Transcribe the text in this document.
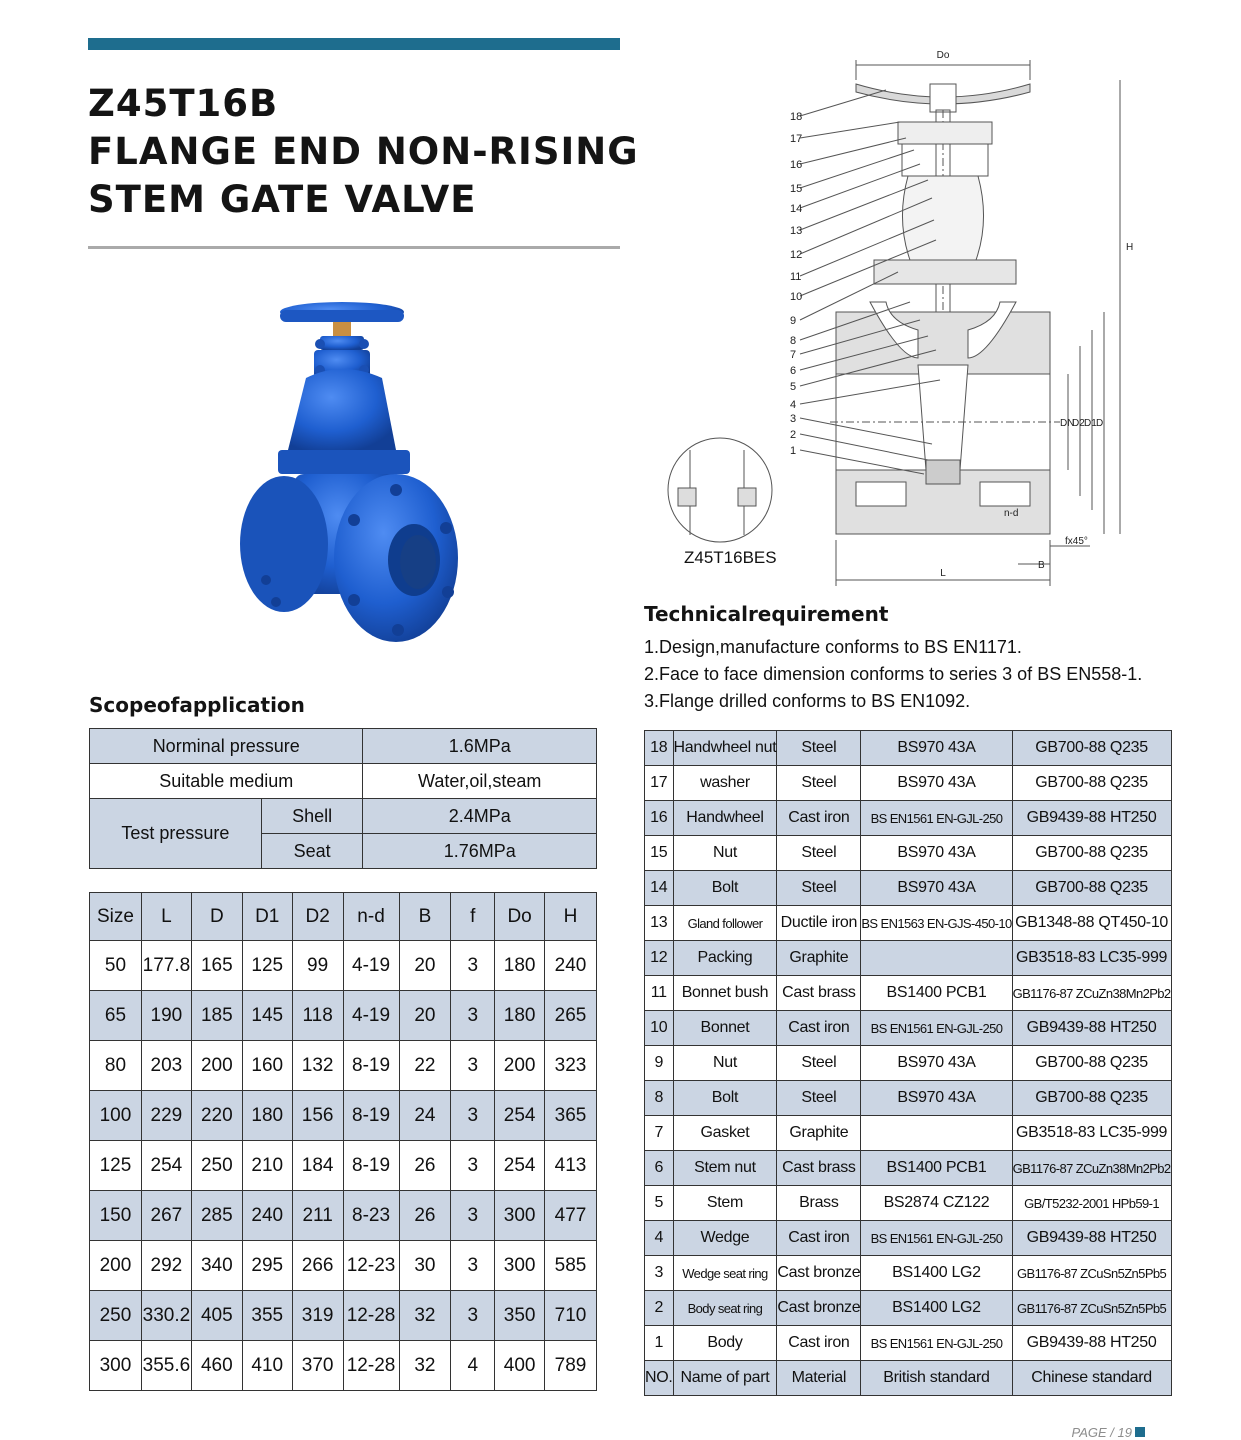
Z45T16B
FLANGE END NON-RISING
STEM GATE VALVE
Scopeofapplication
Norminal pressure		1.6MPa
Suitable medium		Water,oil,steam
Test pressure	Shell	2.4MPa
	Seat	1.76MPa
Size	L	D	D1	D2	n-d	B	f	Do	H
50	177.8	165	125	99	4-19	20	3	180	240
65	190	185	145	118	4-19	20	3	180	265
80	203	200	160	132	8-19	22	3	200	323
100	229	220	180	156	8-19	24	3	254	365
125	254	250	210	184	8-19	26	3	254	413
150	267	285	240	211	8-23	26	3	300	477
200	292	340	295	266	12-23	30	3	300	585
250	330.2	405	355	319	12-28	32	3	350	710
300	355.6	460	410	370	12-28	32	4	400	789
Do
H
L
B
fx45°
n-d
DN
D2 D1 D
18
17
16
15
14
13
12
11
10
9
8
7
6
5
4
3
2
1
Z45T16BES
Technicalrequirement
1.Design,manufacture conforms to BS EN1171.
2.Face to face dimension conforms to series 3 of BS EN558-1.
3.Flange drilled conforms to BS EN1092.
18	Handwheel nut	Steel	BS970 43A	GB700-88 Q235
17	washer	Steel	BS970 43A	GB700-88 Q235
16	Handwheel	Cast iron	BS EN1561 EN-GJL-250	GB9439-88 HT250
15	Nut	Steel	BS970 43A	GB700-88 Q235
14	Bolt	Steel	BS970 43A	GB700-88 Q235
13	Gland follower	Ductile iron	BS EN1563 EN-GJS-450-10	GB1348-88 QT450-10
12	Packing	Graphite		GB3518-83 LC35-999
11	Bonnet bush	Cast brass	BS1400 PCB1	GB1176-87 ZCuZn38Mn2Pb2
10	Bonnet	Cast iron	BS EN1561 EN-GJL-250	GB9439-88 HT250
9	Nut	Steel	BS970 43A	GB700-88 Q235
8	Bolt	Steel	BS970 43A	GB700-88 Q235
7	Gasket	Graphite		GB3518-83 LC35-999
6	Stem nut	Cast brass	BS1400 PCB1	GB1176-87 ZCuZn38Mn2Pb2
5	Stem	Brass	BS2874 CZ122	GB/T5232-2001 HPb59-1
4	Wedge	Cast iron	BS EN1561 EN-GJL-250	GB9439-88 HT250
3	Wedge seat ring	Cast bronze	BS1400 LG2	GB1176-87 ZCuSn5Zn5Pb5
2	Body seat ring	Cast bronze	BS1400 LG2	GB1176-87 ZCuSn5Zn5Pb5
1	Body	Cast iron	BS EN1561 EN-GJL-250	GB9439-88 HT250
NO.	Name of part	Material	British standard	Chinese standard
PAGE / 19
